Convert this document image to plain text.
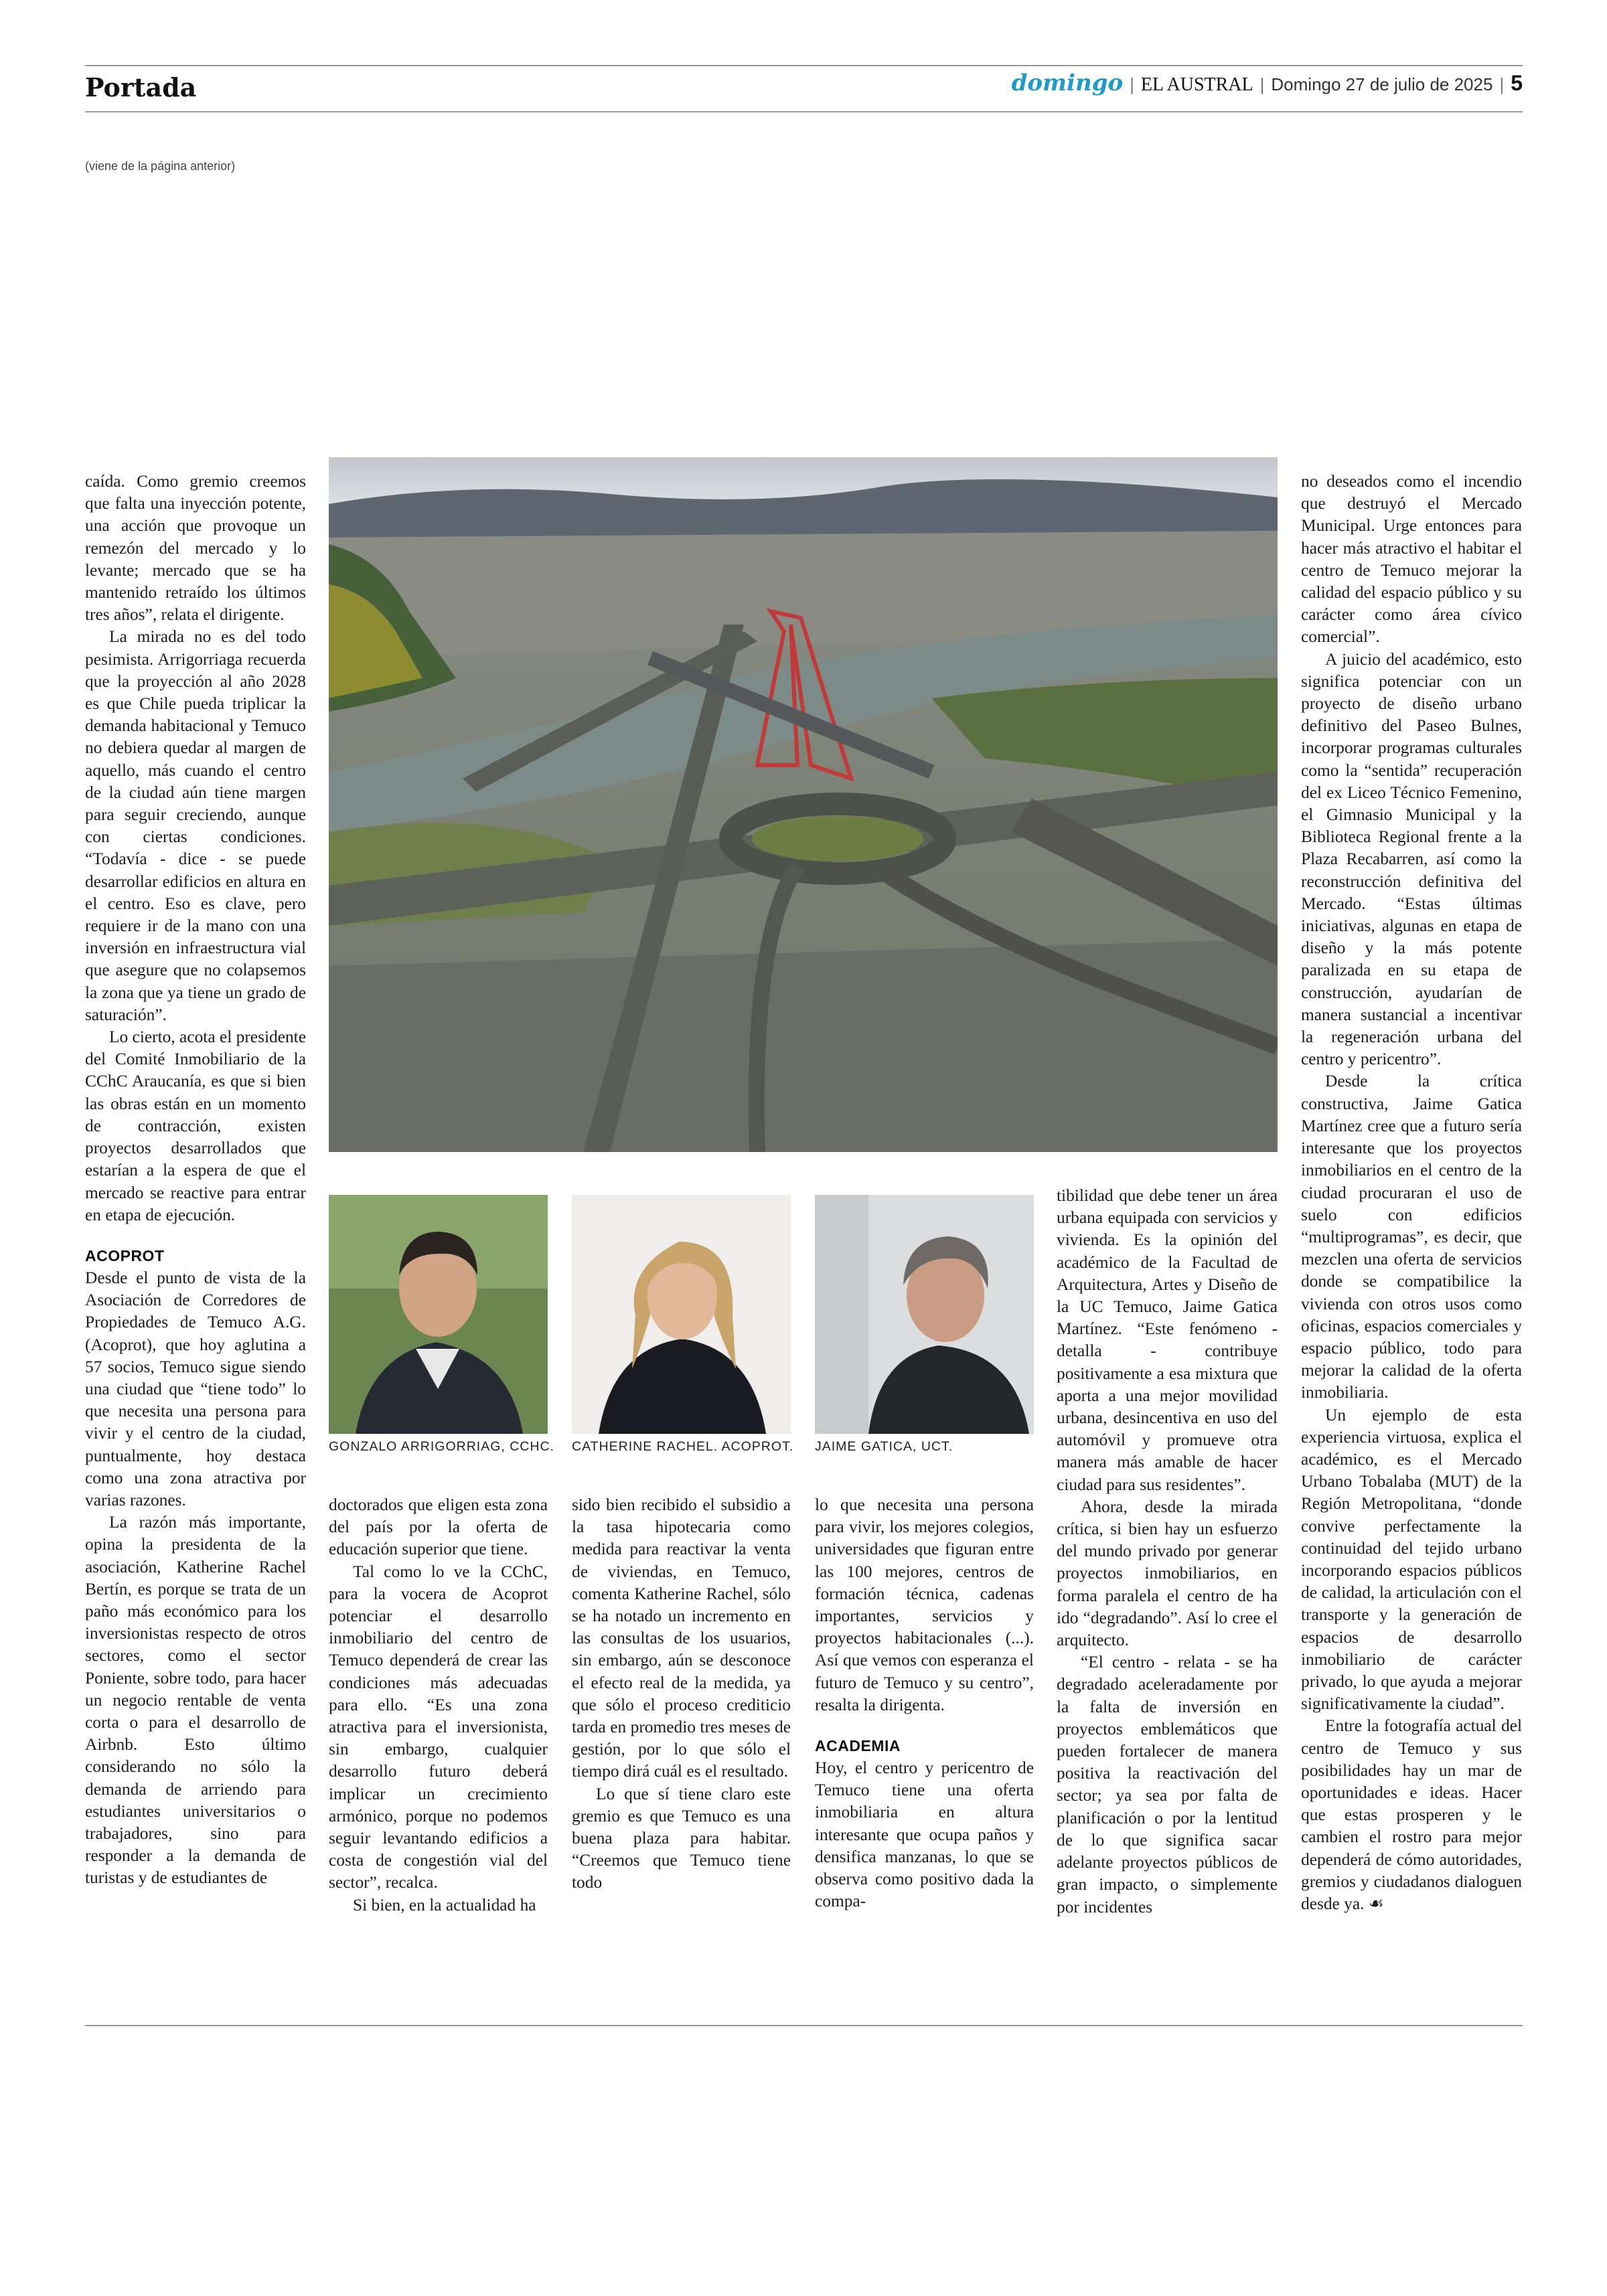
Portada	domingo | EL AUSTRAL | Domingo 27 de julio de 2025 | 5
(viene de la página anterior)

caída. Como gremio creemos que falta una inyección potente, una acción que provoque un remezón del mercado y lo levante; mercado que se ha mantenido retraído los últimos tres años”, relata el dirigente.

La mirada no es del todo pesimista. Arrigorriaga recuerda que la proyección al año 2028 es que Chile pueda triplicar la demanda habitacional y Temuco no debiera quedar al margen de aquello, más cuando el centro de la ciudad aún tiene margen para seguir creciendo, aunque con ciertas condiciones. “Todavía - dice - se puede desarrollar edificios en altura en el centro. Eso es clave, pero requiere ir de la mano con una inversión en infraestructura vial que asegure que no colapsemos la zona que ya tiene un grado de saturación”.

Lo cierto, acota el presidente del Comité Inmobiliario de la CChC Araucanía, es que si bien las obras están en un momento de contracción, existen proyectos desarrollados que estarían a la espera de que el mercado se reactive para entrar en etapa de ejecución.

ACOPROT

Desde el punto de vista de la Asociación de Corredores de Propiedades de Temuco A.G. (Acoprot), que hoy aglutina a 57 socios, Temuco sigue siendo una ciudad que “tiene todo” lo que necesita una persona para vivir y el centro de la ciudad, puntualmente, hoy destaca como una zona atractiva por varias razones.

La razón más importante, opina la presidenta de la asociación, Katherine Rachel Bertín, es porque se trata de un paño más económico para los inversionistas respecto de otros sectores, como el sector Poniente, sobre todo, para hacer un negocio rentable de venta corta o para el desarrollo de Airbnb. Esto último considerando no sólo la demanda de arriendo para estudiantes universitarios o trabajadores, sino para responder a la demanda de turistas y de estudiantes de

GONZALO ARRIGORRIAG, CCHC. CATHERINE RACHEL. ACOPROT. JAIME GATICA, UCT.

doctorados que eligen esta zona del país por la oferta de educación superior que tiene.

Tal como lo ve la CChC, para la vocera de Acoprot potenciar el desarrollo inmobiliario del centro de Temuco dependerá de crear las condiciones más adecuadas para ello. “Es una zona atractiva para el inversionista, sin embargo, cualquier desarrollo futuro deberá implicar un crecimiento armónico, porque no podemos seguir levantando edificios a costa de congestión vial del sector”, recalca.

Si bien, en la actualidad ha

sido bien recibido el subsidio a la tasa hipotecaria como medida para reactivar la venta de viviendas, en Temuco, comenta Katherine Rachel, sólo se ha notado un incremento en las consultas de los usuarios, sin embargo, aún se desconoce el efecto real de la medida, ya que sólo el proceso crediticio tarda en promedio tres meses de gestión, por lo que sólo el tiempo dirá cuál es el resultado.

Lo que sí tiene claro este gremio es que Temuco es una buena plaza para habitar. “Creemos que Temuco tiene todo

lo que necesita una persona para vivir, los mejores colegios, universidades que figuran entre las 100 mejores, centros de formación técnica, cadenas importantes, servicios y proyectos habitacionales (...). Así que vemos con esperanza el futuro de Temuco y su centro”, resalta la dirigenta.

ACADEMIA

Hoy, el centro y pericentro de Temuco tiene una oferta inmobiliaria en altura interesante que ocupa paños y densifica manzanas, lo que se observa como positivo dada la compa-

tibilidad que debe tener un área urbana equipada con servicios y vivienda. Es la opinión del académico de la Facultad de Arquitectura, Artes y Diseño de la UC Temuco, Jaime Gatica Martínez. “Este fenómeno - detalla - contribuye positivamente a esa mixtura que aporta a una mejor movilidad urbana, desincentiva en uso del automóvil y promueve otra manera más amable de hacer ciudad para sus residentes”.

Ahora, desde la mirada crítica, si bien hay un esfuerzo del mundo privado por generar proyectos inmobiliarios, en forma paralela el centro de ha ido “degradando”. Así lo cree el arquitecto.

“El centro - relata - se ha degradado aceleradamente por la falta de inversión en proyectos emblemáticos que pueden fortalecer de manera positiva la reactivación del sector; ya sea por falta de planificación o por la lentitud de lo que significa sacar adelante proyectos públicos de gran impacto, o simplemente por incidentes

no deseados como el incendio que destruyó el Mercado Municipal. Urge entonces para hacer más atractivo el habitar el centro de Temuco mejorar la calidad del espacio público y su carácter como área cívico comercial”.

A juicio del académico, esto significa potenciar con un proyecto de diseño urbano definitivo del Paseo Bulnes, incorporar programas culturales como la “sentida” recuperación del ex Liceo Técnico Femenino, el Gimnasio Municipal y la Biblioteca Regional frente a la Plaza Recabarren, así como la reconstrucción definitiva del Mercado. “Estas últimas iniciativas, algunas en etapa de diseño y la más potente paralizada en su etapa de construcción, ayudarían de manera sustancial a incentivar la regeneración urbana del centro y pericentro”.

Desde la crítica constructiva, Jaime Gatica Martínez cree que a futuro sería interesante que los proyectos inmobiliarios en el centro de la ciudad procuraran el uso de suelo con edificios “multiprogramas”, es decir, que mezclen una oferta de servicios donde se compatibilice la vivienda con otros usos como oficinas, espacios comerciales y espacio público, todo para mejorar la calidad de la oferta inmobiliaria.

Un ejemplo de esta experiencia virtuosa, explica el académico, es el Mercado Urbano Tobalaba (MUT) de la Región Metropolitana, “donde convive perfectamente la continuidad del tejido urbano incorporando espacios públicos de calidad, la articulación con el transporte y la generación de espacios de desarrollo inmobiliario de carácter privado, lo que ayuda a mejorar significativamente la ciudad”.

Entre la fotografía actual del centro de Temuco y sus posibilidades hay un mar de oportunidades e ideas. Hacer que estas prosperen y le cambien el rostro para mejor dependerá de cómo autoridades, gremios y ciudadanos dialoguen desde ya. ☙
